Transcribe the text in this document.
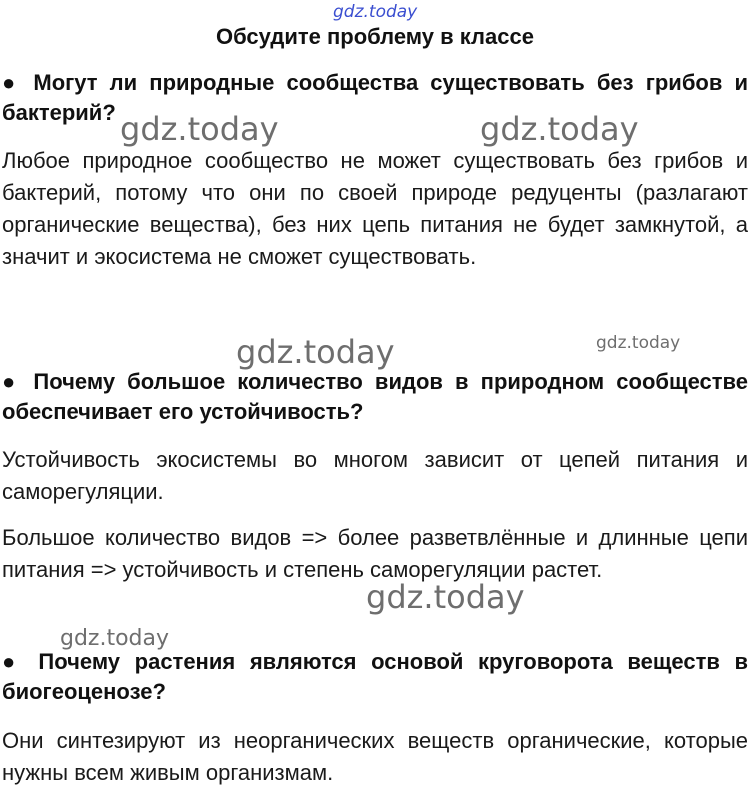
gdz.today
Обсудите проблему в классе
● Могут ли природные сообщества существовать без грибов и бактерий? gdz.today	gdz.today
Любое природное сообщество не может существовать без грибов и бактерий, потому что они по своей природе редуценты (разлагают органические вещества), без них цепь питания не будет замкнутой, а значит и экосистема не сможет существовать.
gdz.today	gdz.today
● Почему большое количество видов в природном сообществе обеспечивает его устойчивость?
Устойчивость экосистемы во многом зависит от цепей питания и саморегуляции.
Большое количество видов => более разветвлённые и длинные цепи питания => устойчивость и степень саморегуляции растет.
gdz.today
gdz.today
● Почему растения являются основой круговорота веществ в биогеоценозе?
Они синтезируют из неорганических веществ органические, которые нужны всем живым организмам.
